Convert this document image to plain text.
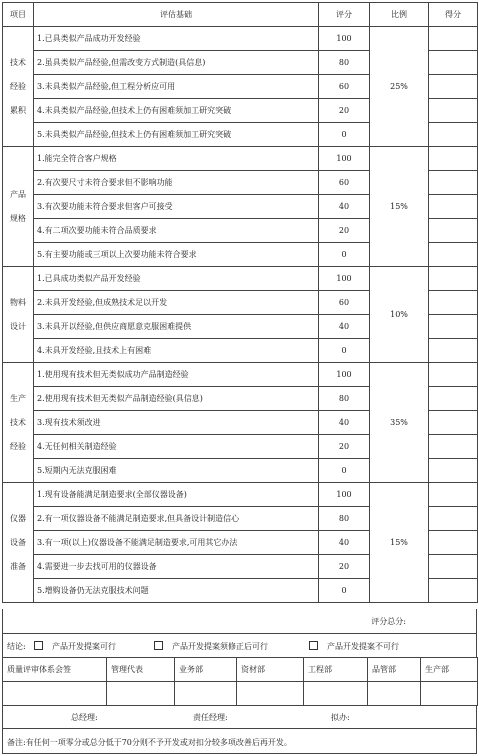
项目	评估基础	评分	比例	得分

技术
经验
累积	1.已具类似产品成功开发经验	100	25%	
	2.虽具类似产品经验,但需改变方式制造(具信息)	80		
	3.未具类似产品经验,但工程分析应可用	60		
	4.未具类似产品经验,但技术上仍有困难须加工研究突破	20		
	5.未具类似产品经验,但技术上仍有困难须加工研究突破	0		

产品
规格	1.能完全符合客户规格	100	15%	
	2.有次要尺寸未符合要求但不影响功能	60		
	3.有次要功能未符合要求但客户可接受	40		
	4.有二项次要功能未符合品质要求	20		
	5.有主要功能或三项以上次要功能未符合要求	0		

物料
设计	1.已具成功类似产品开发经验	100	10%	
	2.未具开发经验,但成熟技术足以开发	60		
	3.未具开以经验,但供应商愿意克服困难提供	40		
	4.未具开发经验,且技术上有困难	0		

生产
技术
经验	1.使用现有技术但无类似成功产品制造经验	100	35%	
	2.使用现有技术但无类似产品制造经验(具信息)	80		
	3.现有技术须改进	40		
	4.无任何相关制造经验	20		
	5.短期内无法克服困难	0		

仪器
设备
准备	1.现有设备能满足制造要求(全部仪器设备)	100	15%	
	2.有一项仪器设备不能满足制造要求,但具备设计制造信心	80		
	3.有一项(以上)仪器设备不能满足制造要求,可用其它办法	40		
	4.需要进一步去找可用的仪器设备	20		
	5.增购设备仍无法克服技术问题	0		
评分总分:
结论:	产品开发提案可行	产品开发提案须修正后可行	产品开发提案不可行
质量评审体系会签	管理代表	业务部	资材部	工程部	品管部	生产部

总经理:	责任经理:	拟办:
备注:有任何一项零分或总分低于70分则不予开发或对扣分较多项改善后再开发。
